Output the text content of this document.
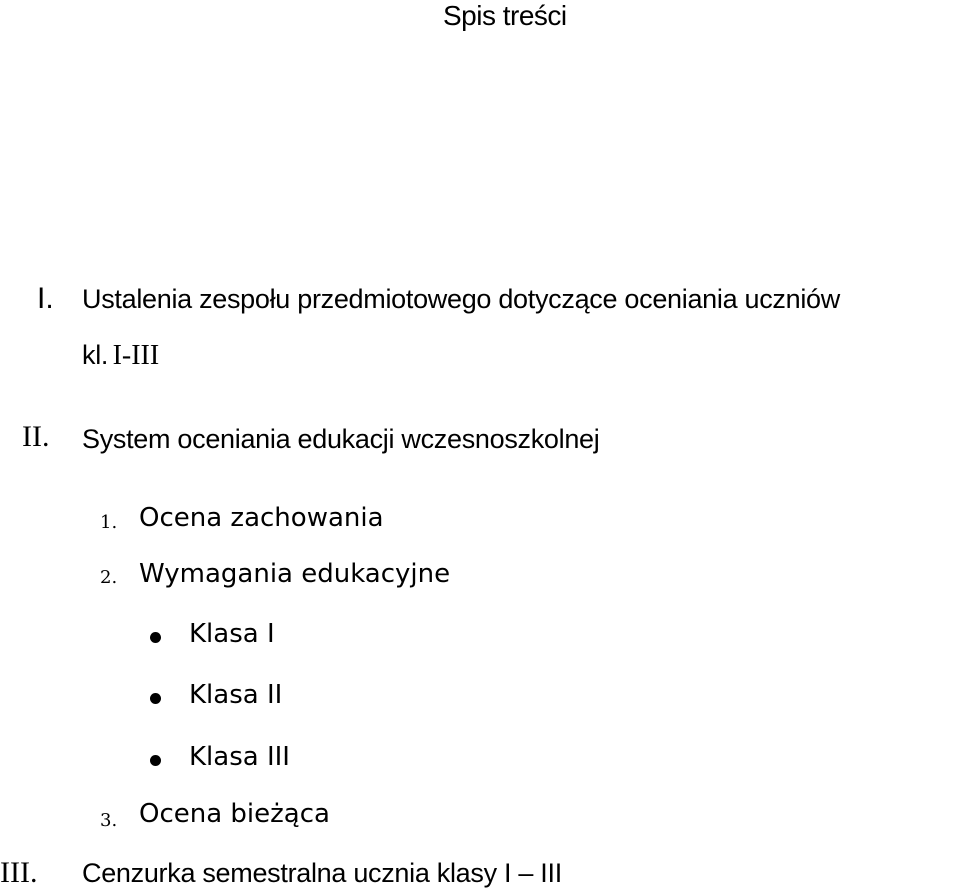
Spis treści
I. Ustalenia zespołu przedmiotowego dotyczące oceniania uczniów
kl. I-III
II. System oceniania edukacji wczesnoszkolnej
1. Ocena zachowania
2. Wymagania edukacyjne
Klasa I
Klasa II
Klasa III
3. Ocena bieżąca
III. Cenzurka semestralna ucznia klasy I – III
